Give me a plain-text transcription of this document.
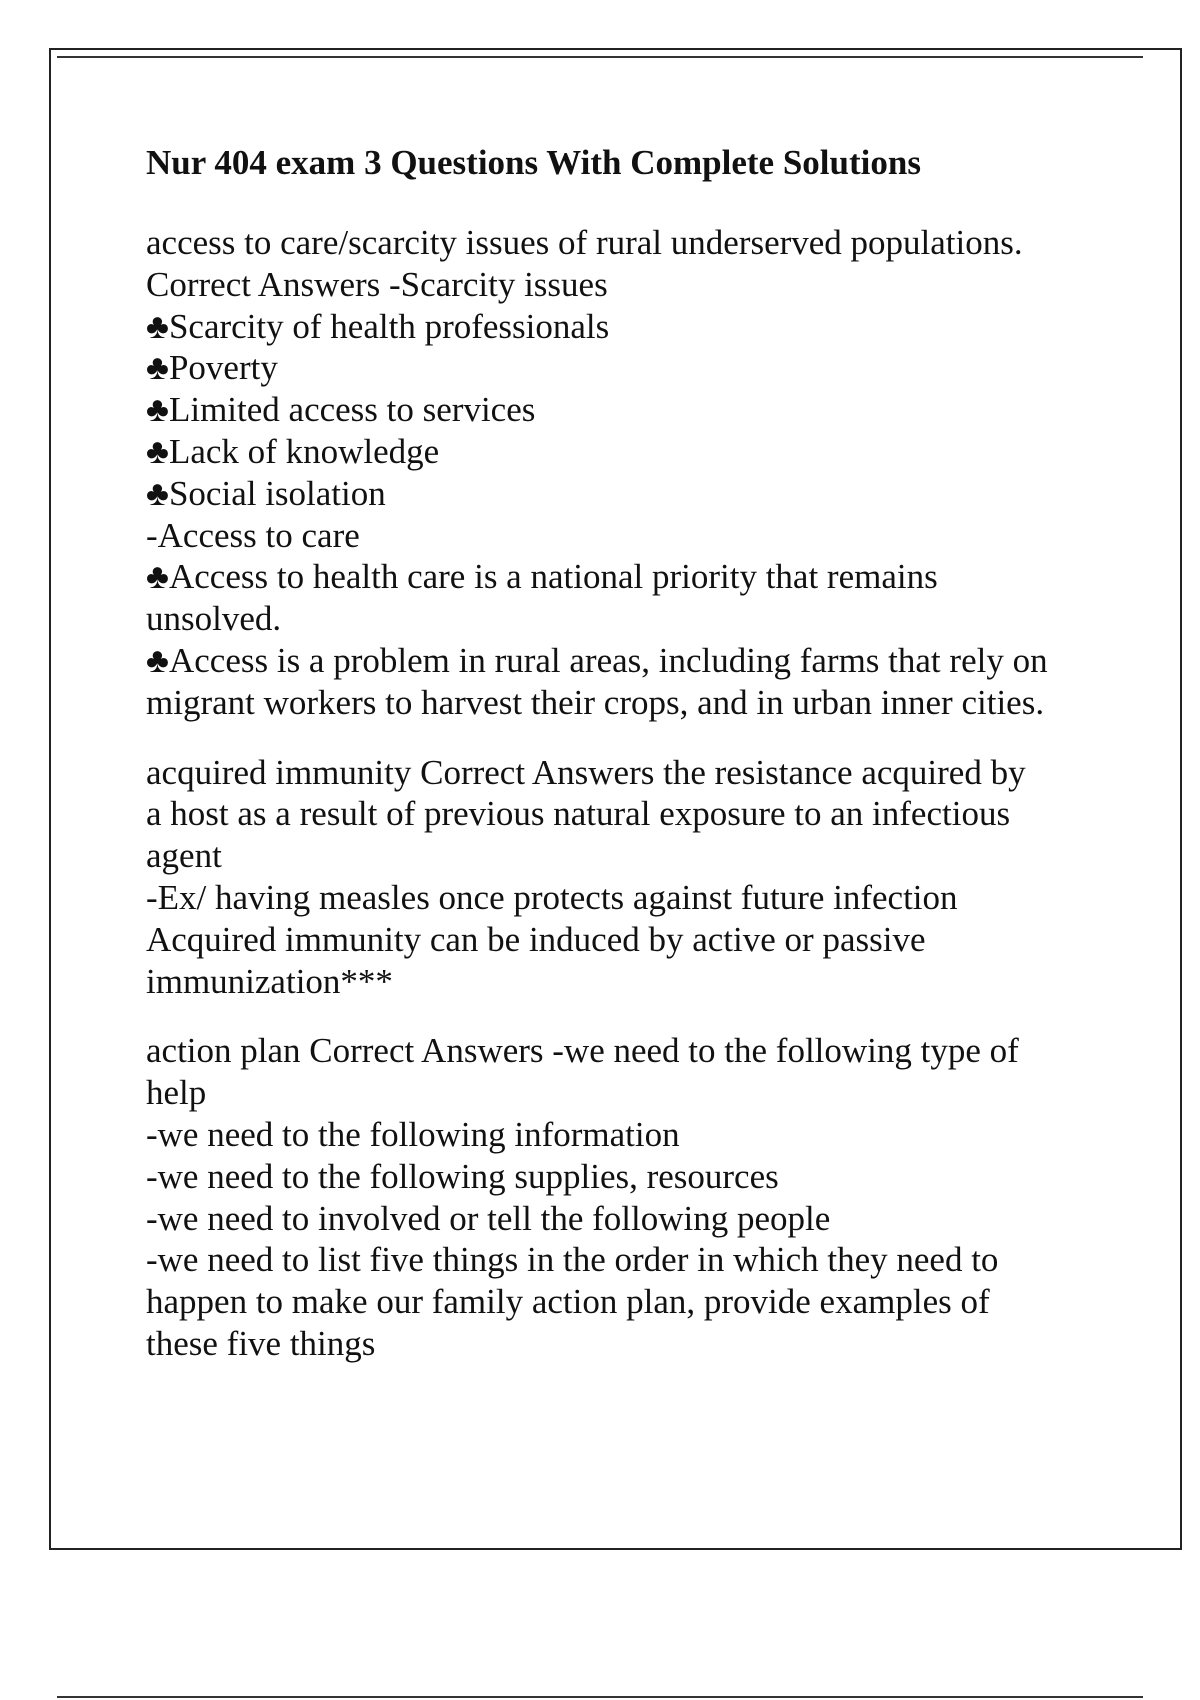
Nur 404 exam 3 Questions With Complete Solutions
access to care/scarcity issues of rural underserved populations.
Correct Answers -Scarcity issues
♣Scarcity of health professionals
♣Poverty
♣Limited access to services
♣Lack of knowledge
♣Social isolation
-Access to care
♣Access to health care is a national priority that remains
unsolved.
♣Access is a problem in rural areas, including farms that rely on
migrant workers to harvest their crops, and in urban inner cities.
acquired immunity Correct Answers the resistance acquired by
a host as a result of previous natural exposure to an infectious
agent
-Ex/ having measles once protects against future infection
Acquired immunity can be induced by active or passive
immunization***
action plan Correct Answers -we need to the following type of
help
-we need to the following information
-we need to the following supplies, resources
-we need to involved or tell the following people
-we need to list five things in the order in which they need to
happen to make our family action plan, provide examples of
these five things
